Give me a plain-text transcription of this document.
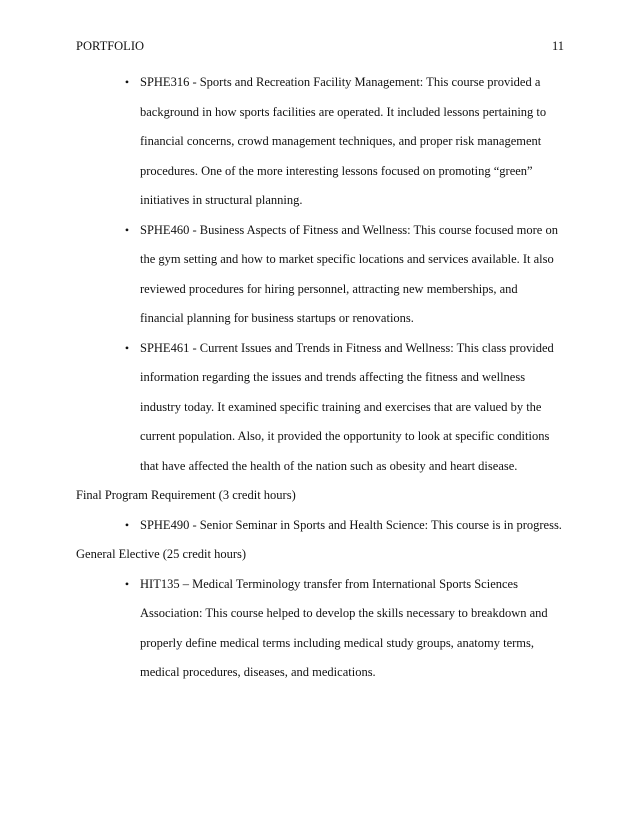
PORTFOLIO	11
• SPHE316 - Sports and Recreation Facility Management: This course provided a background in how sports facilities are operated. It included lessons pertaining to financial concerns, crowd management techniques, and proper risk management procedures. One of the more interesting lessons focused on promoting “green” initiatives in structural planning.
• SPHE460 - Business Aspects of Fitness and Wellness: This course focused more on the gym setting and how to market specific locations and services available. It also reviewed procedures for hiring personnel, attracting new memberships, and financial planning for business startups or renovations.
• SPHE461 - Current Issues and Trends in Fitness and Wellness: This class provided information regarding the issues and trends affecting the fitness and wellness industry today. It examined specific training and exercises that are valued by the current population. Also, it provided the opportunity to look at specific conditions that have affected the health of the nation such as obesity and heart disease.

Final Program Requirement (3 credit hours)

• SPHE490 - Senior Seminar in Sports and Health Science: This course is in progress.

General Elective (25 credit hours)

• HIT135 – Medical Terminology transfer from International Sports Sciences Association: This course helped to develop the skills necessary to breakdown and properly define medical terms including medical study groups, anatomy terms, medical procedures, diseases, and medications.
